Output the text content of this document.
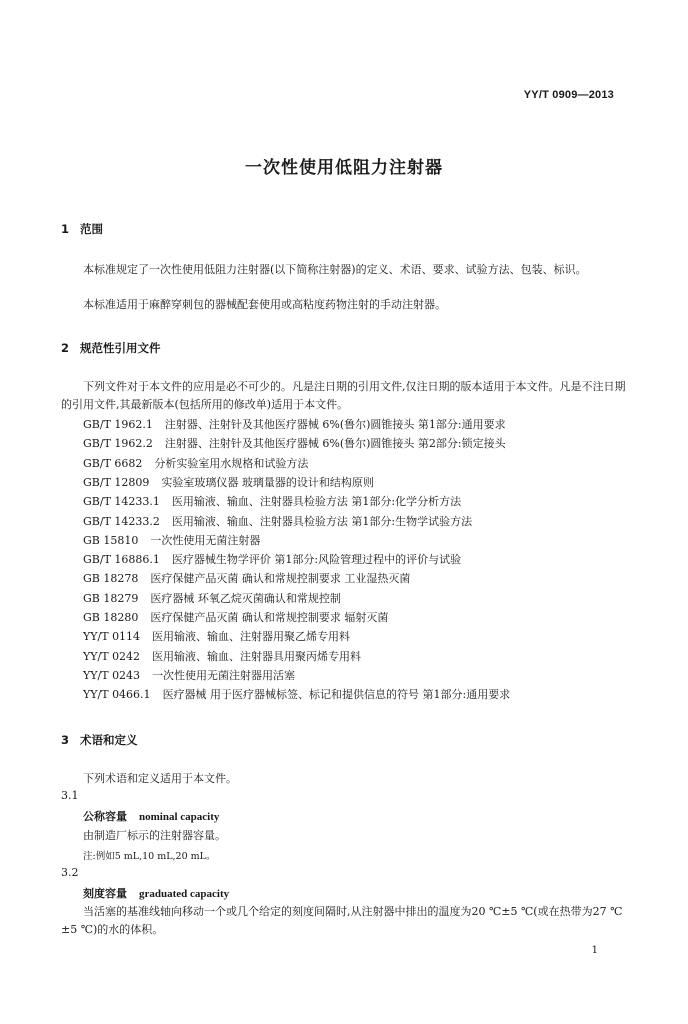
YY/T 0909—2013
一次性使用低阻力注射器
1 范围
本标准规定了一次性使用低阻力注射器(以下简称注射器)的定义、术语、要求、试验方法、包装、标识。
本标准适用于麻醉穿刺包的器械配套使用或高粘度药物注射的手动注射器。
2 规范性引用文件
下列文件对于本文件的应用是必不可少的。凡是注日期的引用文件,仅注日期的版本适用于本文件。凡是不注日期的引用文件,其最新版本(包括所用的修改单)适用于本文件。
GB/T 1962.1 注射器、注射针及其他医疗器械 6%(鲁尔)圆锥接头 第1部分:通用要求
GB/T 1962.2 注射器、注射针及其他医疗器械 6%(鲁尔)圆锥接头 第2部分:锁定接头
GB/T 6682 分析实验室用水规格和试验方法
GB/T 12809 实验室玻璃仪器 玻璃量器的设计和结构原则
GB/T 14233.1 医用输液、输血、注射器具检验方法 第1部分:化学分析方法
GB/T 14233.2 医用输液、输血、注射器具检验方法 第1部分:生物学试验方法
GB 15810 一次性使用无菌注射器
GB/T 16886.1 医疗器械生物学评价 第1部分:风险管理过程中的评价与试验
GB 18278 医疗保健产品灭菌 确认和常规控制要求 工业湿热灭菌
GB 18279 医疗器械 环氧乙烷灭菌确认和常规控制
GB 18280 医疗保健产品灭菌 确认和常规控制要求 辐射灭菌
YY/T 0114 医用输液、输血、注射器用聚乙烯专用料
YY/T 0242 医用输液、输血、注射器具用聚丙烯专用料
YY/T 0243 一次性使用无菌注射器用活塞
YY/T 0466.1 医疗器械 用于医疗器械标签、标记和提供信息的符号 第1部分:通用要求
3 术语和定义
下列术语和定义适用于本文件。
3.1
公称容量 nominal capacity
由制造厂标示的注射器容量。
注:例如5 mL,10 mL,20 mL。
3.2
刻度容量 graduated capacity
当活塞的基准线轴向移动一个或几个给定的刻度间隔时,从注射器中排出的温度为20 ℃±5 ℃(或在热带为27 ℃±5 ℃)的水的体积。
1
